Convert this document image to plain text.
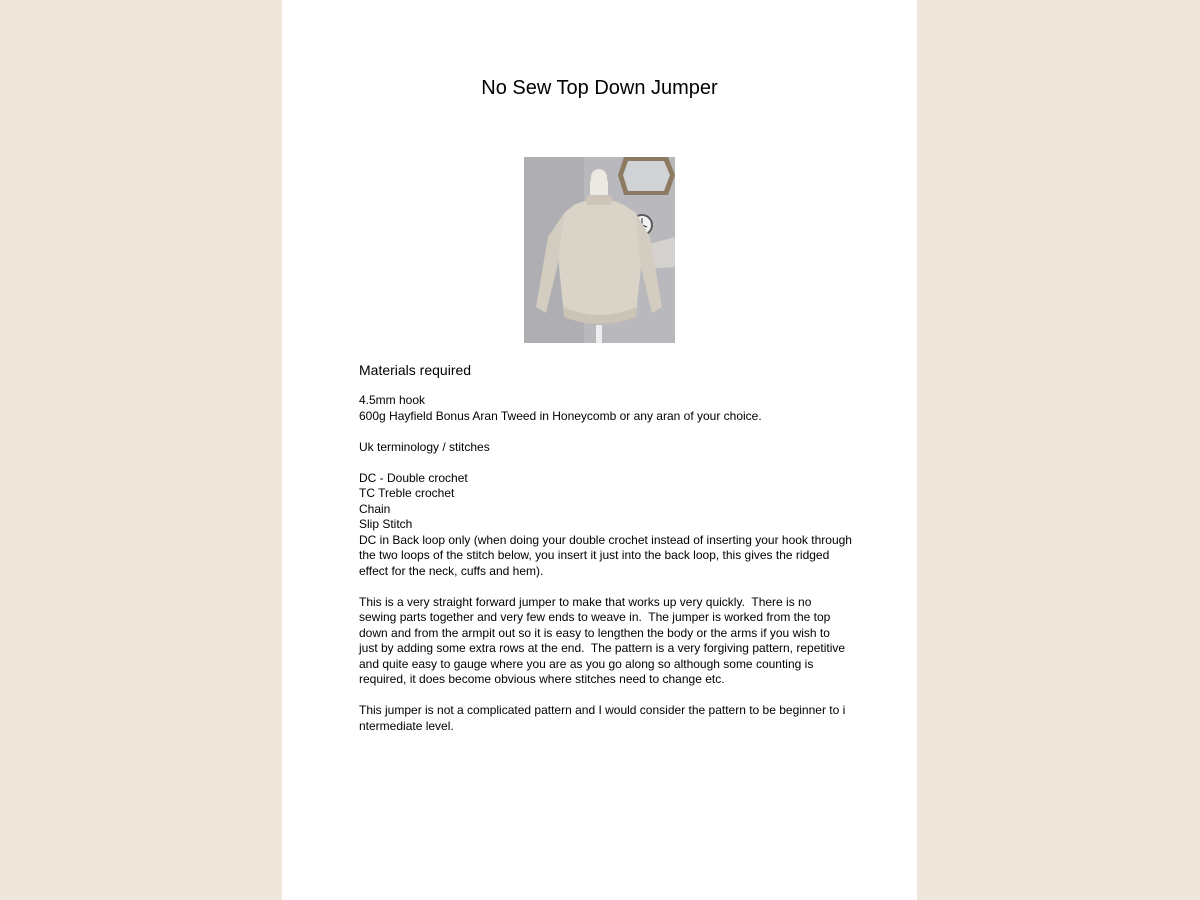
No Sew Top Down Jumper
Materials required
4.5mm hook
600g Hayfield Bonus Aran Tweed in Honeycomb or any aran of your choice.
Uk terminology / stitches
DC - Double crochet
TC Treble crochet
Chain
Slip Stitch
DC in Back loop only (when doing your double crochet instead of inserting your hook through
the two loops of the stitch below, you insert it just into the back loop, this gives the ridged
effect for the neck, cuffs and hem).
This is a very straight forward jumper to make that works up very quickly.  There is no
sewing parts together and very few ends to weave in.  The jumper is worked from the top
down and from the armpit out so it is easy to lengthen the body or the arms if you wish to
just by adding some extra rows at the end.  The pattern is a very forgiving pattern, repetitive
and quite easy to gauge where you are as you go along so although some counting is
required, it does become obvious where stitches need to change etc.
This jumper is not a complicated pattern and I would consider the pattern to be beginner to i
ntermediate level.
